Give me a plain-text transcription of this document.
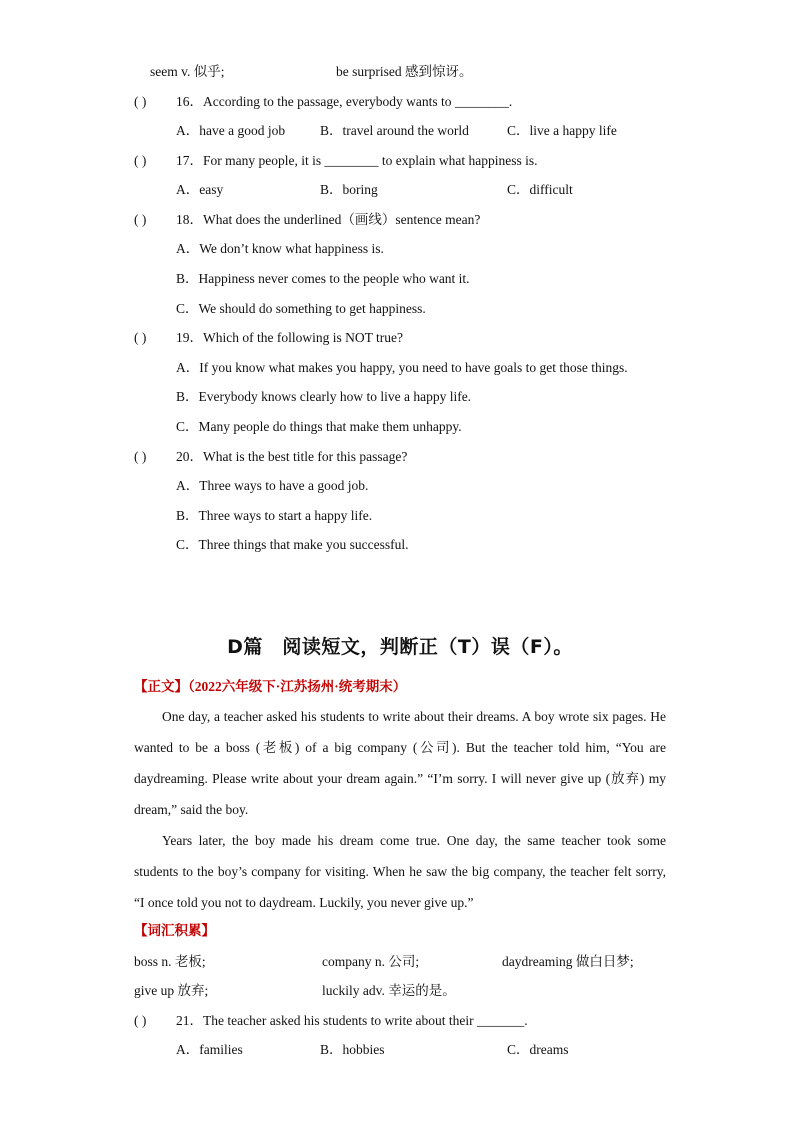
seem v. 似乎;	be surprised 感到惊讶。
( ) 16．According to the passage, everybody wants to ________.
A．have a good job	B．travel around the world	C．live a happy life
( ) 17．For many people, it is ________ to explain what happiness is.
A．easy	B．boring	C．difficult
( ) 18．What does the underlined（画线）sentence mean?
A．We don’t know what happiness is.
B．Happiness never comes to the people who want it.
C．We should do something to get happiness.
( ) 19．Which of the following is NOT true?
A．If you know what makes you happy, you need to have goals to get those things.
B．Everybody knows clearly how to live a happy life.
C．Many people do things that make them unhappy.
( ) 20．What is the best title for this passage?
A．Three ways to have a good job.
B．Three ways to start a happy life.
C．Three things that make you successful.
D篇　阅读短文，判断正（T）误（F）。
【正文】（2022六年级下·江苏扬州·统考期末）

One day, a teacher asked his students to write about their dreams. A boy wrote six pages. He wanted to be a boss (老板) of a big company (公司). But the teacher told him, “You are daydreaming. Please write about your dream again.” “I’m sorry. I will never give up (放弃) my dream,” said the boy.

Years later, the boy made his dream come true. One day, the same teacher took some students to the boy’s company for visiting. When he saw the big company, the teacher felt sorry, “I once told you not to daydream. Luckily, you never give up.”

【词汇积累】
boss n. 老板;	company n. 公司;	daydreaming 做白日梦;
give up 放弃;	luckily adv. 幸运的是。
( ) 21．The teacher asked his students to write about their _______.
A．families	B．hobbies	C．dreams
